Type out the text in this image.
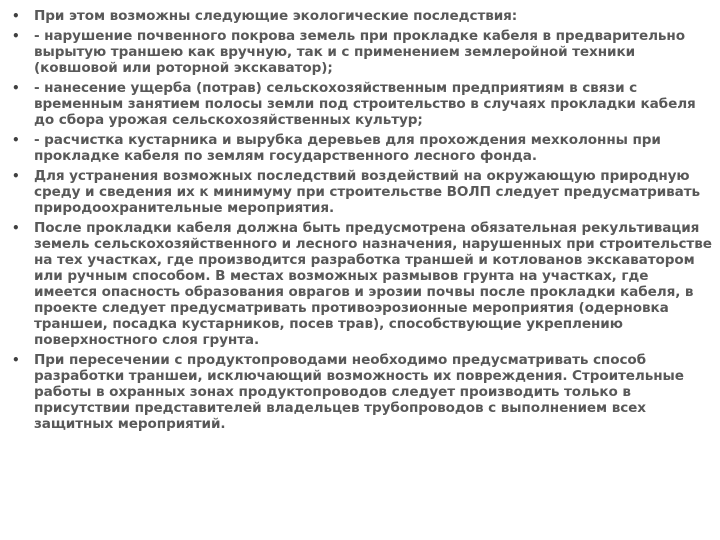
•	При этом возможны следующие экологические последствия:
•	- нарушение почвенного покрова земель при прокладке кабеля в предварительно вырытую траншею как вручную, так и с применением землеройной техники (ковшовой или роторной экскаватор);
•	- нанесение ущерба (потрав) сельскохозяйственным предприятиям в связи с временным занятием полосы земли под строительство в случаях прокладки кабеля до сбора урожая сельскохозяйственных культур;
•	- расчистка кустарника и вырубка деревьев для прохождения мехколонны при прокладке кабеля по землям государственного лесного фонда.
•	Для устранения возможных последствий воздействий на окружающую природную среду и сведения их к минимуму при строительстве ВОЛП следует предусматривать природоохранительные мероприятия.
•	После прокладки кабеля должна быть предусмотрена обязательная рекультивация земель сельскохозяйственного и лесного назначения, нарушенных при строительстве на тех участках, где производится разработка траншей и котлованов экскаватором или ручным способом. В местах возможных размывов грунта на участках, где имеется опасность образования оврагов и эрозии почвы после прокладки кабеля, в проекте следует предусматривать противоэрозионные мероприятия (одерновка траншеи, посадка кустарников, посев трав), способствующие укреплению поверхностного слоя грунта.
•	При пересечении с продуктопроводами необходимо предусматривать способ разработки траншеи, исключающий возможность их повреждения. Строительные работы в охранных зонах продуктопроводов следует производить только в присутствии представителей владельцев трубопроводов с выполнением всех защитных мероприятий.
